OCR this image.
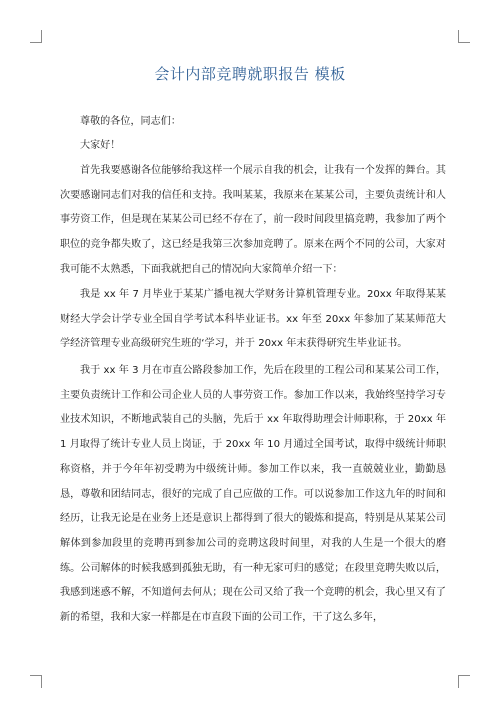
会计内部竞聘就职报告 模板
尊敬的各位，同志们：
大家好！
首先我要感谢各位能够给我这样一个展示自我的机会，让我有一个发挥的舞台。其次要感谢同志们对我的信任和支持。我叫某某，我原来在某某公司，主要负责统计和人事劳资工作，但是现在某某公司已经不存在了，前一段时间段里搞竞聘，我参加了两个职位的竞争都失败了，这已经是我第三次参加竞聘了。原来在两个不同的公司，大家对我可能不太熟悉，下面我就把自己的情况向大家简单介绍一下：
我是 xx 年 7 月毕业于某某广播电视大学财务计算机管理专业。20xx 年取得某某财经大学会计学专业全国自学考试本科毕业证书。xx 年至 20xx 年参加了某某师范大学经济管理专业高级研究生班的‘学习，并于 20xx 年末获得研究生毕业证书。
我于 xx 年 3 月在市直公路段参加工作，先后在段里的工程公司和某某公司工作，主要负责统计工作和公司企业人员的人事劳资工作。参加工作以来，我始终坚持学习专业技术知识，不断地武装自己的头脑，先后于 xx 年取得助理会计师职称，于 20xx 年 1 月取得了统计专业人员上岗证，于 20xx 年 10 月通过全国考试，取得中级统计师职称资格，并于今年年初受聘为中级统计师。参加工作以来，我一直兢兢业业，勤勤恳恳，尊敬和团结同志，很好的完成了自己应做的工作。可以说参加工作这九年的时间和经历，让我无论是在业务上还是意识上都得到了很大的锻炼和提高，特别是从某某公司解体到参加段里的竞聘再到参加公司的竞聘这段时间里，对我的人生是一个很大的磨练。公司解体的时候我感到孤独无助，有一种无家可归的感觉；在段里竞聘失败以后，我感到迷惑不解，不知道何去何从；现在公司又给了我一个竞聘的机会，我心里又有了新的希望，我和大家一样都是在市直段下面的公司工作，干了这么多年，
